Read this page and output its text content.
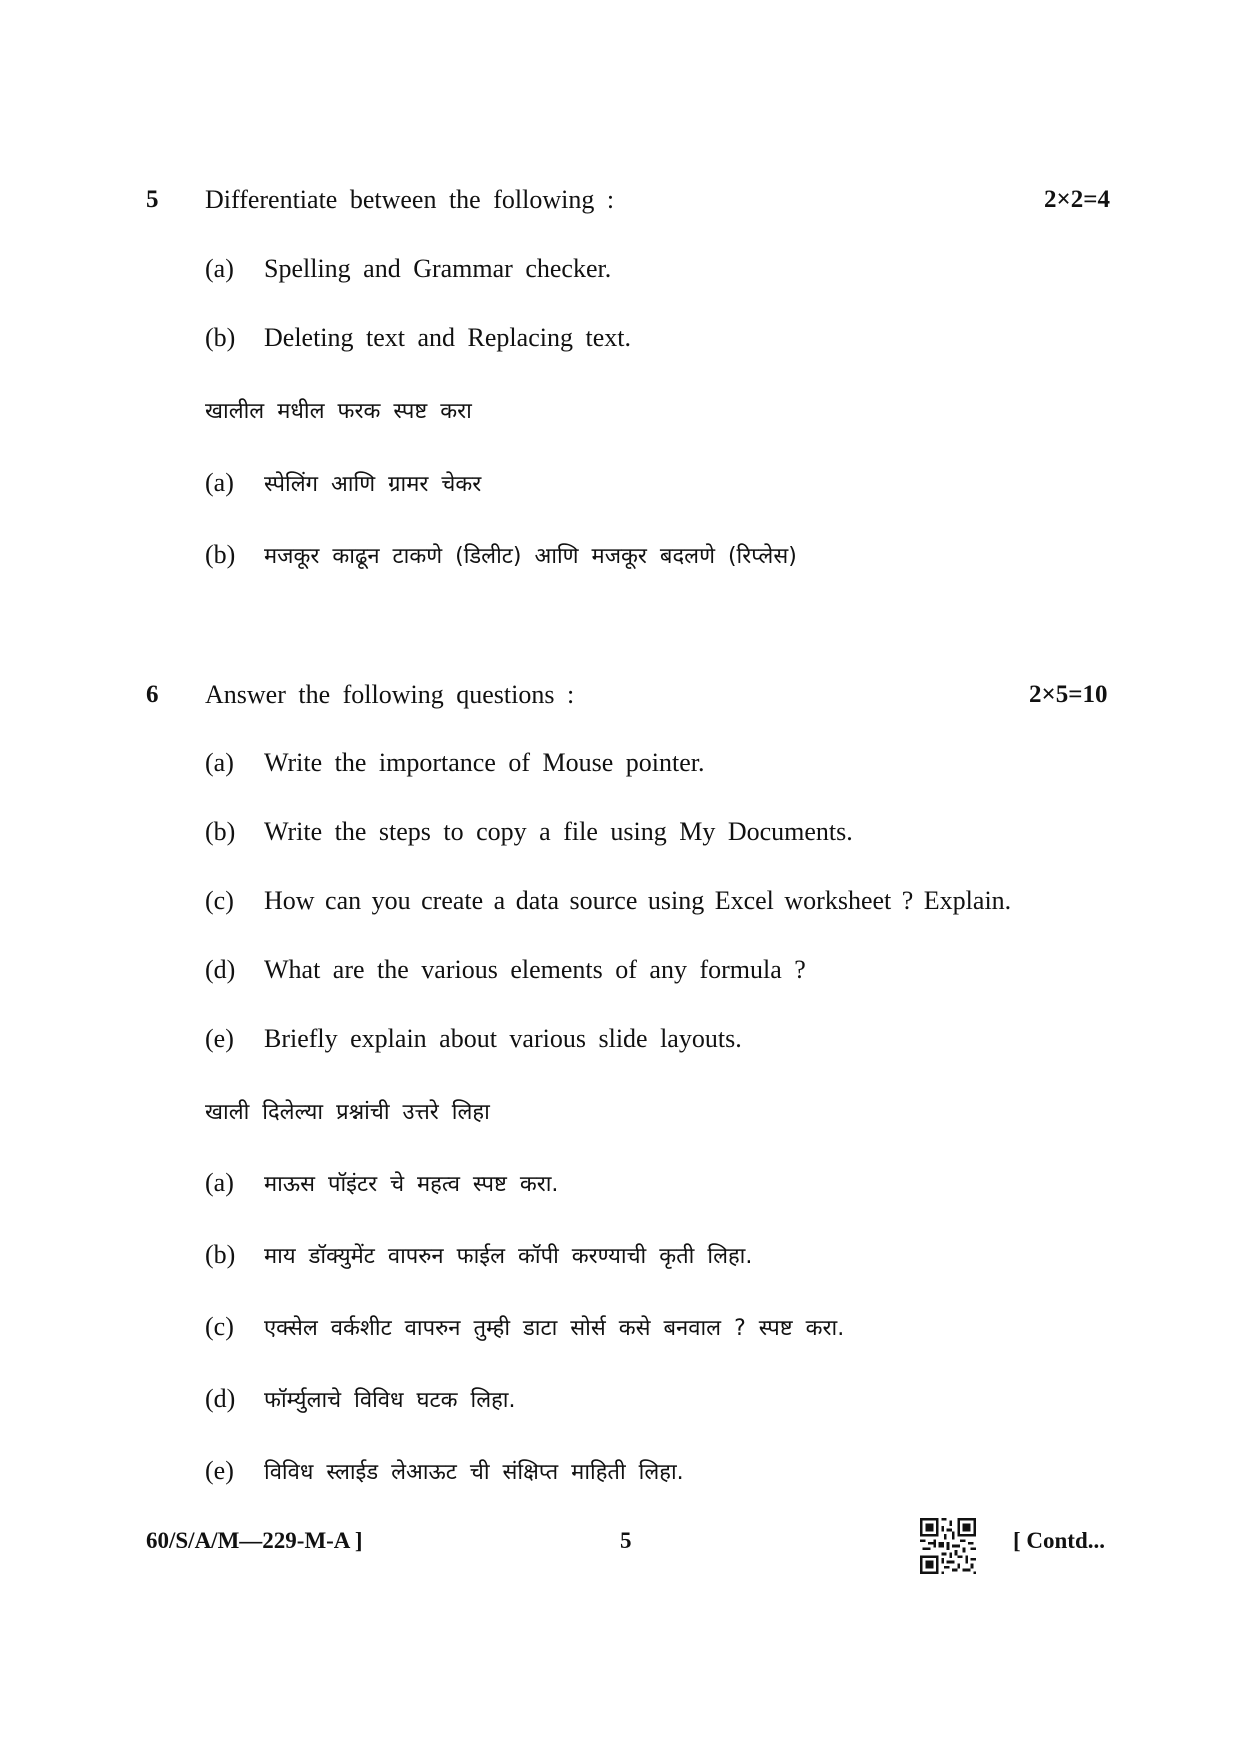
5 Differentiate between the following :	2×2=4
(a) Spelling and Grammar checker.
(b) Deleting text and Replacing text.
खालील मधील फरक स्पष्ट करा
(a) स्पेलिंग आणि ग्रामर चेकर
(b) मजकूर काढून टाकणे (डिलीट) आणि मजकूर बदलणे (रिप्लेस)
6 Answer the following questions :	2×5=10
(a) Write the importance of Mouse pointer.
(b) Write the steps to copy a file using My Documents.
(c) How can you create a data source using Excel worksheet ? Explain.
(d) What are the various elements of any formula ?
(e) Briefly explain about various slide layouts.
खाली दिलेल्या प्रश्नांची उत्तरे लिहा
(a) माऊस पॉइंटर चे महत्व स्पष्ट करा.
(b) माय डॉक्युमेंट वापरुन फाईल कॉपी करण्याची कृती लिहा.
(c) एक्सेल वर्कशीट वापरुन तुम्ही डाटा सोर्स कसे बनवाल ? स्पष्ट करा.
(d) फॉर्म्युलाचे विविध घटक लिहा.
(e) विविध स्लाईड लेआऊट ची संक्षिप्त माहिती लिहा.
60/S/A/M—229-M-A ]	5	[ Contd...
